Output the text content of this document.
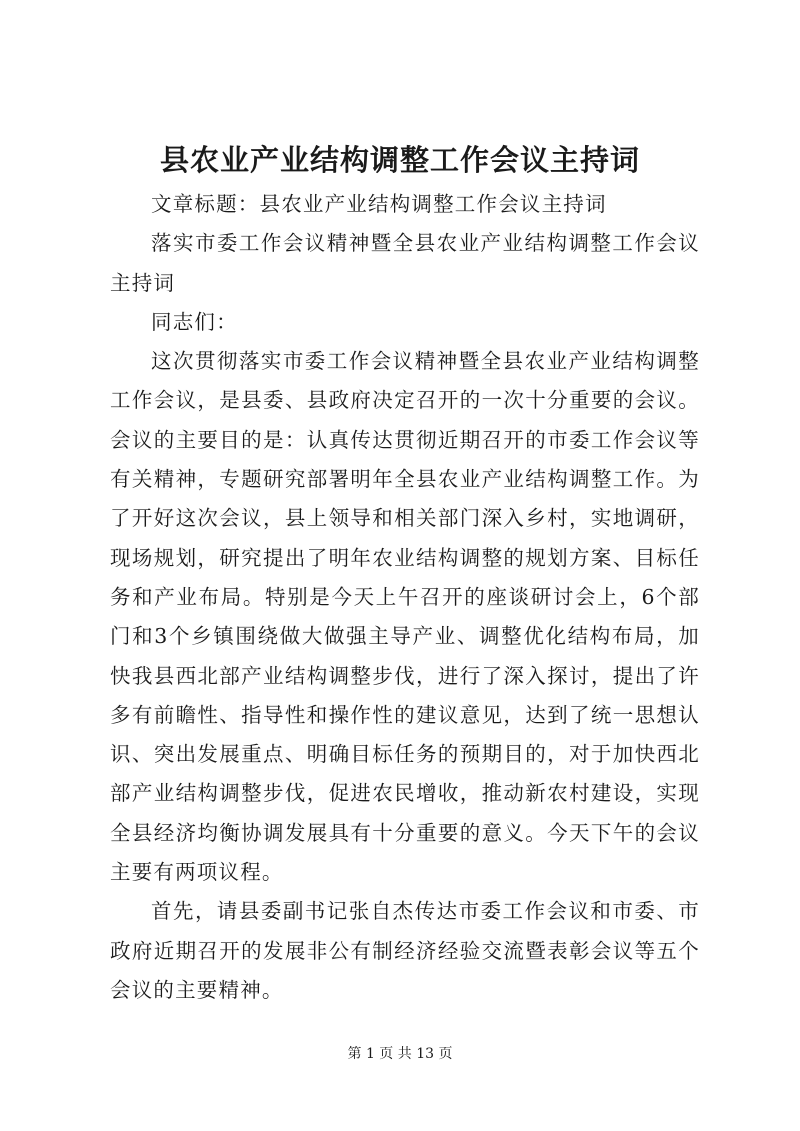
县农业产业结构调整工作会议主持词

文章标题：县农业产业结构调整工作会议主持词

落实市委工作会议精神暨全县农业产业结构调整工作会议主持词

同志们：

这次贯彻落实市委工作会议精神暨全县农业产业结构调整工作会议，是县委、县政府决定召开的一次十分重要的会议。会议的主要目的是：认真传达贯彻近期召开的市委工作会议等有关精神，专题研究部署明年全县农业产业结构调整工作。为了开好这次会议，县上领导和相关部门深入乡村，实地调研，现场规划，研究提出了明年农业结构调整的规划方案、目标任务和产业布局。特别是今天上午召开的座谈研讨会上，6个部门和3个乡镇围绕做大做强主导产业、调整优化结构布局，加快我县西北部产业结构调整步伐，进行了深入探讨，提出了许多有前瞻性、指导性和操作性的建议意见，达到了统一思想认识、突出发展重点、明确目标任务的预期目的，对于加快西北部产业结构调整步伐，促进农民增收，推动新农村建设，实现全县经济均衡协调发展具有十分重要的意义。今天下午的会议主要有两项议程。

首先，请县委副书记张自杰传达市委工作会议和市委、市政府近期召开的发展非公有制经济经验交流暨表彰会议等五个会议的主要精神。

第 1 页 共 13 页
